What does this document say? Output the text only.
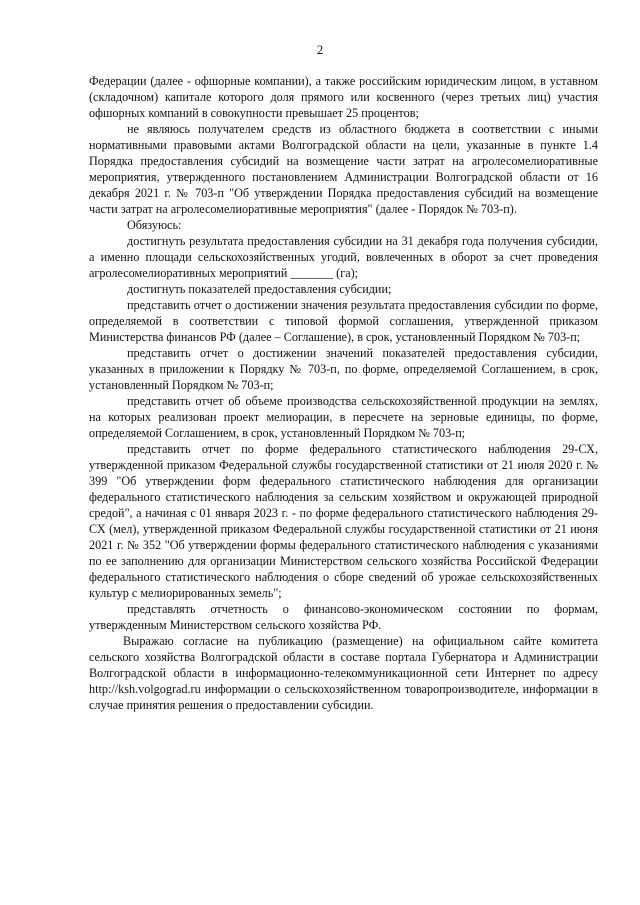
2

Федерации (далее - офшорные компании), а также российским юридическим лицом, в уставном (складочном) капитале которого доля прямого или косвенного (через третьих лиц) участия офшорных компаний в совокупности превышает 25 процентов;

не являюсь получателем средств из областного бюджета в соответствии с иными нормативными правовыми актами Волгоградской области на цели, указанные в пункте 1.4 Порядка предоставления субсидий на возмещение части затрат на агролесомелиоративные мероприятия, утвержденного постановлением Администрации Волгоградской области от 16 декабря 2021 г. № 703-п "Об утверждении Порядка предоставления субсидий на возмещение части затрат на агролесомелиоративные мероприятия" (далее - Порядок № 703-п).

Обязуюсь:

достигнуть результата предоставления субсидии на 31 декабря года получения субсидии, а именно площади сельскохозяйственных угодий, вовлеченных в оборот за счет проведения агролесомелиоративных мероприятий _______ (га);

достигнуть показателей предоставления субсидии;

представить отчет о достижении значения результата предоставления субсидии по форме, определяемой в соответствии с типовой формой соглашения, утвержденной приказом Министерства финансов РФ (далее – Соглашение), в срок, установленный Порядком № 703-п;

представить отчет о достижении значений показателей предоставления субсидии, указанных в приложении к Порядку № 703-п, по форме, определяемой Соглашением, в срок, установленный Порядком № 703-п;

представить отчет об объеме производства сельскохозяйственной продукции на землях, на которых реализован проект мелиорации, в пересчете на зерновые единицы, по форме, определяемой Соглашением, в срок, установленный Порядком № 703-п;

представить отчет по форме федерального статистического наблюдения 29-СХ, утвержденной приказом Федеральной службы государственной статистики от 21 июля 2020 г. № 399 "Об утверждении форм федерального статистического наблюдения для организации федерального статистического наблюдения за сельским хозяйством и окружающей природной средой", а начиная с 01 января 2023 г. - по форме федерального статистического наблюдения 29-СХ (мел), утвержденной приказом Федеральной службы государственной статистики от 21 июня 2021 г. № 352 "Об утверждении формы федерального статистического наблюдения с указаниями по ее заполнению для организации Министерством сельского хозяйства Российской Федерации федерального статистического наблюдения о сборе сведений об урожае сельскохозяйственных культур с мелиорированных земель";

представлять отчетность о финансово-экономическом состоянии по формам, утвержденным Министерством сельского хозяйства РФ.

Выражаю согласие на публикацию (размещение) на официальном сайте комитета сельского хозяйства Волгоградской области в составе портала Губернатора и Администрации Волгоградской области в информационно-телекоммуникационной сети Интернет по адресу http://ksh.volgograd.ru информации о сельскохозяйственном товаропроизводителе, информации в случае принятия решения о предоставлении субсидии.
